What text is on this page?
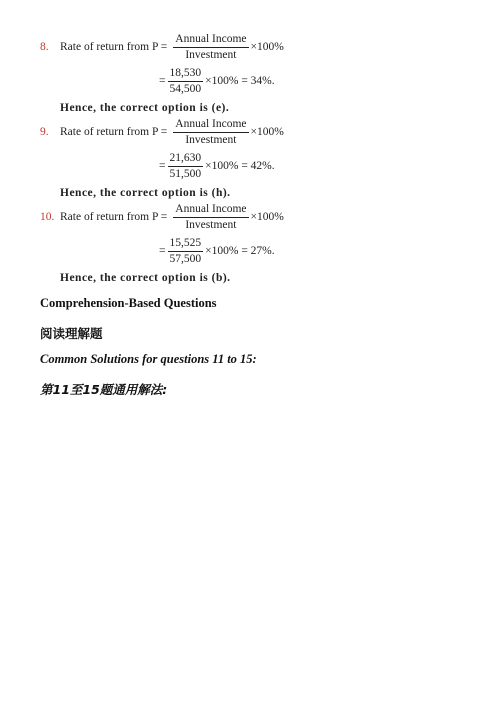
8. Rate of return from $P = \frac{\text{Annual Income}}{\text{Investment}} \times 100\%$
= $\frac{18,530}{54,500} \times 100\% = 34\%$.
Hence, the correct option is (e).
9. Rate of return from $P = \frac{\text{Annual Income}}{\text{Investment}} \times 100\%$
= $\frac{21,630}{51,500} \times 100\% = 42\%$.
Hence, the correct option is (h).
10. Rate of return from $P = \frac{\text{Annual Income}}{\text{Investment}} \times 100\%$
= $\frac{15,525}{57,500} \times 100\% = 27\%$.
Hence, the correct option is (b).
Comprehension-Based Questions
阅读理解题
Common Solutions for questions 11 to 15:
第11至15题通用解法:
